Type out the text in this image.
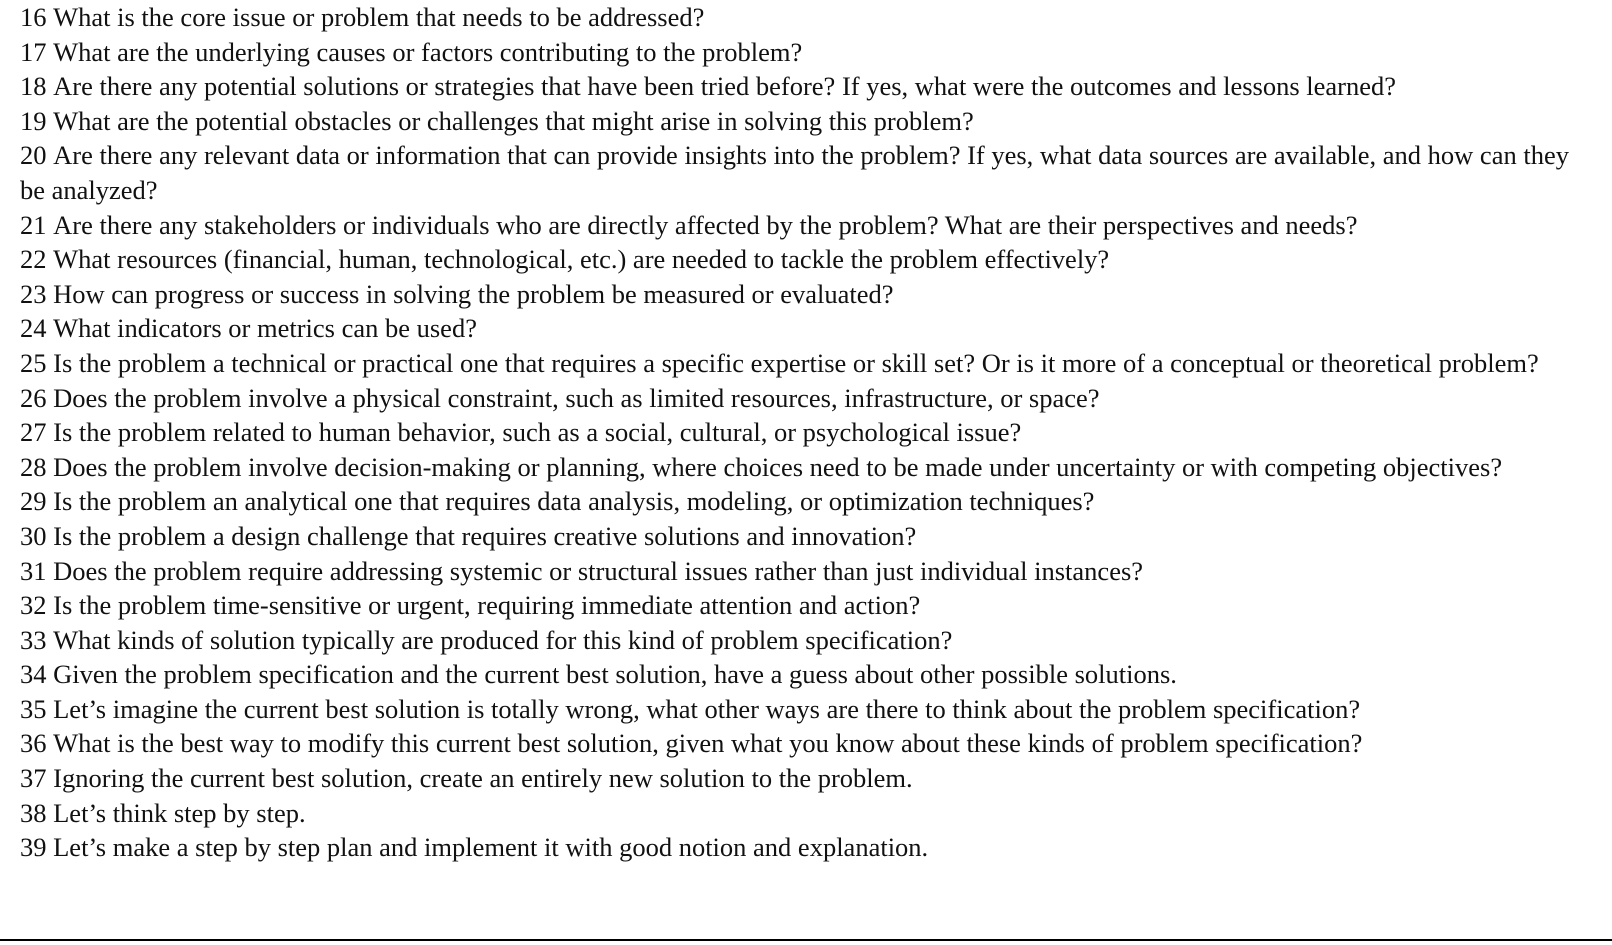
16 What is the core issue or problem that needs to be addressed?
17 What are the underlying causes or factors contributing to the problem?
18 Are there any potential solutions or strategies that have been tried before? If yes, what were the outcomes and lessons learned?
19 What are the potential obstacles or challenges that might arise in solving this problem?
20 Are there any relevant data or information that can provide insights into the problem? If yes, what data sources are available, and how can they be analyzed?
21 Are there any stakeholders or individuals who are directly affected by the problem? What are their perspectives and needs?
22 What resources (financial, human, technological, etc.) are needed to tackle the problem effectively?
23 How can progress or success in solving the problem be measured or evaluated?
24 What indicators or metrics can be used?
25 Is the problem a technical or practical one that requires a specific expertise or skill set? Or is it more of a conceptual or theoretical problem?
26 Does the problem involve a physical constraint, such as limited resources, infrastructure, or space?
27 Is the problem related to human behavior, such as a social, cultural, or psychological issue?
28 Does the problem involve decision-making or planning, where choices need to be made under uncertainty or with competing objectives?
29 Is the problem an analytical one that requires data analysis, modeling, or optimization techniques?
30 Is the problem a design challenge that requires creative solutions and innovation?
31 Does the problem require addressing systemic or structural issues rather than just individual instances?
32 Is the problem time-sensitive or urgent, requiring immediate attention and action?
33 What kinds of solution typically are produced for this kind of problem specification?
34 Given the problem specification and the current best solution, have a guess about other possible solutions.
35 Let’s imagine the current best solution is totally wrong, what other ways are there to think about the problem specification?
36 What is the best way to modify this current best solution, given what you know about these kinds of problem specification?
37 Ignoring the current best solution, create an entirely new solution to the problem.
38 Let’s think step by step.
39 Let’s make a step by step plan and implement it with good notion and explanation.
